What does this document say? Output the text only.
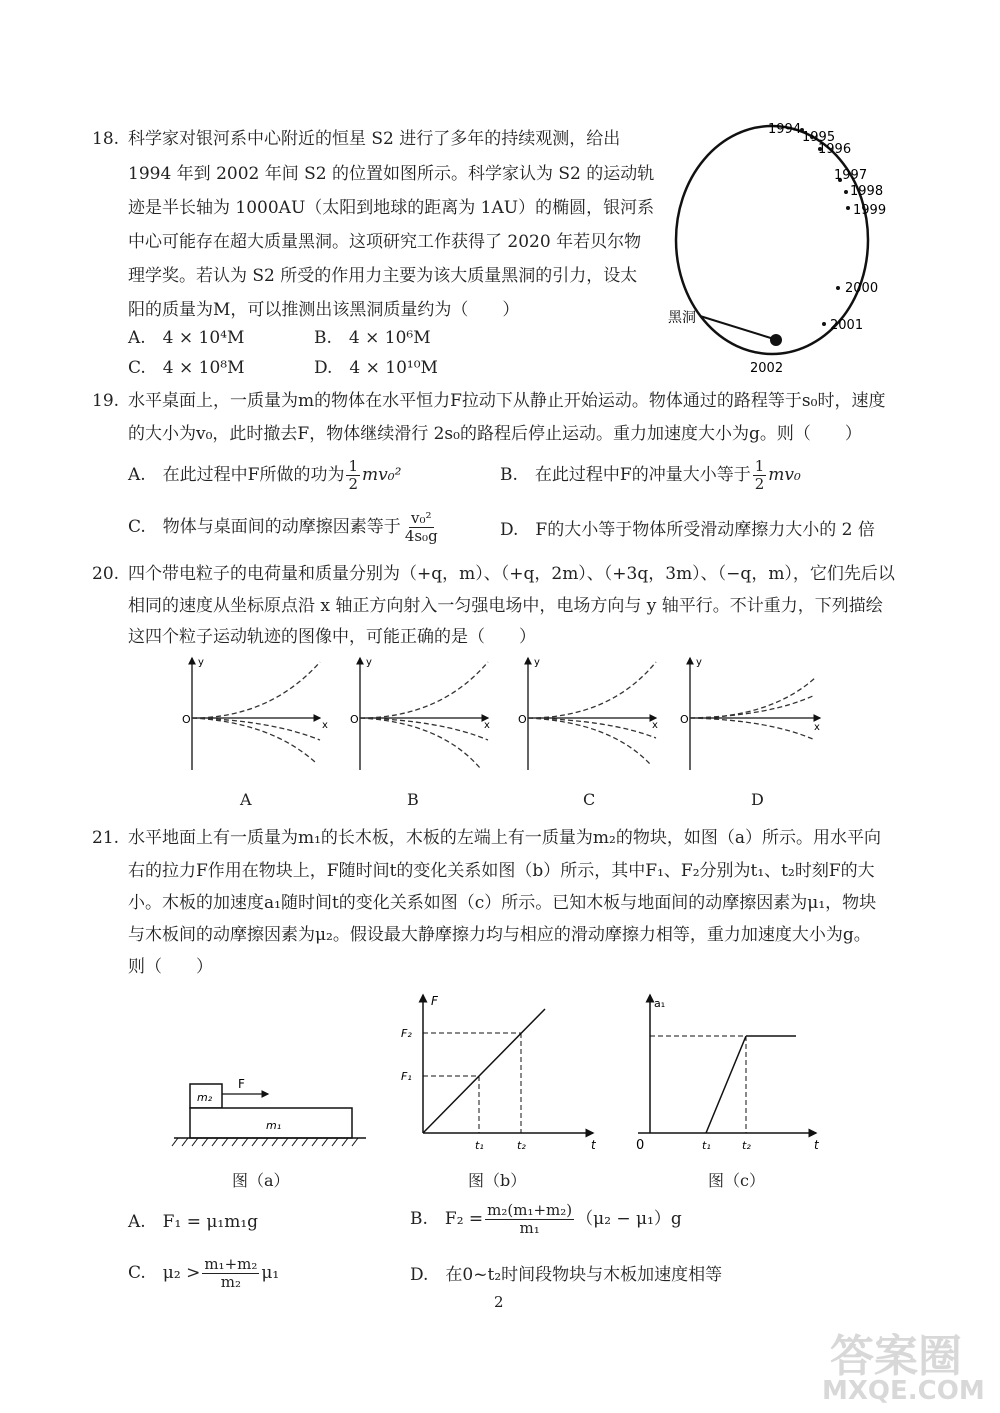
18. 科学家对银河系中心附近的恒星 S2 进行了多年的持续观测，给出
1994 年到 2002 年间 S2 的位置如图所示。科学家认为 S2 的运动轨
迹是半长轴为 1000AU（太阳到地球的距离为 1AU）的椭圆，银河系
中心可能存在超大质量黑洞。这项研究工作获得了 2020 年若贝尔物
理学奖。若认为 S2 所受的作用力主要为该大质量黑洞的引力，设太
阳的质量为M，可以推测出该黑洞质量约为（　　）
A.　4 × 10⁴M	B.　4 × 10⁶M
C.　4 × 10⁸M	D.　4 × 10¹⁰M
黑洞
1994
1995
1996
1997
1998
1999
2000
2001
2002
19. 水平桌面上，一质量为m的物体在水平恒力F拉动下从静止开始运动。物体通过的路程等于s₀时，速度
的大小为v₀，此时撤去F，物体继续滑行 2s₀的路程后停止运动。重力加速度大小为g。则（　　）
A.　在此过程中F所做的功为 $\frac{1}{2} mv_0^2$	B.　在此过程中F的冲量大小等于 $\frac{1}{2} mv_0$
C.　物体与桌面间的动摩擦因素等于 $\frac{\text{v₀²}}{\text{4s₀g}}$	D.　F的大小等于物体所受滑动摩擦力大小的 2 倍
20. 四个带电粒子的电荷量和质量分别为（+q，m）、（+q，2m）、（+3q，3m）、（−q，m），它们先后以
相同的速度从坐标原点沿 x 轴正方向射入一匀强电场中，电场方向与 y 轴平行。不计重力，下列描绘
这四个粒子运动轨迹的图像中，可能正确的是（　　）
y
x
O
y
x
O
y
x
O
y
x
O
A	B	C	D
21. 水平地面上有一质量为m₁的长木板，木板的左端上有一质量为m₂的物块，如图（a）所示。用水平向
右的拉力F作用在物块上，F随时间t的变化关系如图（b）所示，其中F₁、F₂分别为t₁、t₂时刻F的大
小。木板的加速度a₁随时间t的变化关系如图（c）所示。已知木板与地面间的动摩擦因素为μ₁，物块
与木板间的动摩擦因素为μ₂。假设最大静摩擦力均与相应的滑动摩擦力相等，重力加速度大小为g。
则（　　）
F
m₂
m₁
图（a）
F
t
F₁
F₂
t₁	t₂
图（b）
a₁
t
0	t₁	t₂
图（c）
A.　F₁ = μ₁m₁g	B.　$F_2 = \frac{\text{m₂(m₁+m₂)}}{\text{m₁}} (\mu_2 - \mu_1)g$
C.　$\mu_2 > \frac{\text{m₁+m₂}}{\text{m₂}} \mu_1$	D.　在0~t₂时间段物块与木板加速度相等
2
答案圈
MXQE.COM
